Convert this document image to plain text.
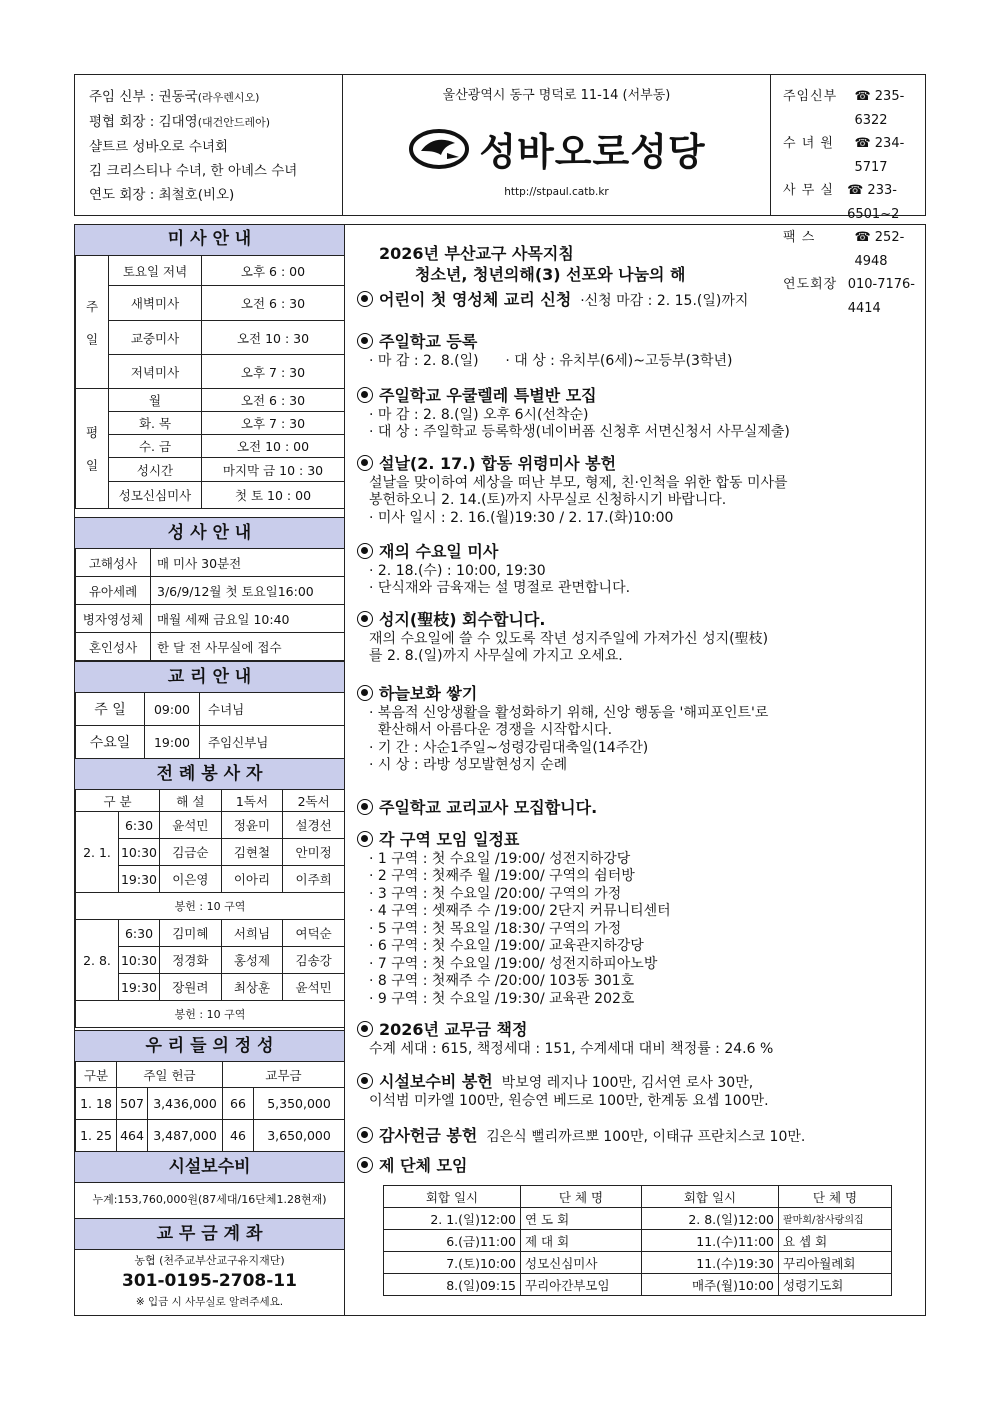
주임 신부 : 권동국(라우렌시오)
평협 회장 : 김대영(대건안드레아)
샬트르 성바오로 수녀회
김 크리스티나 수녀, 한 아녜스 수녀
연도 회장 : 최철호(비오)
울산광역시 동구 명덕로 11-14 (서부동)
성바오로성당
http://stpaul.catb.kr
주임신부	☎ 235-6322
수 녀 원	☎ 234-5717
사 무 실	☎ 233-6501~2
팩 스	☎ 252-4948
연도회장 010-7176-4414
미 사 안 내
주

일	토요일 저녁	오후 6 : 00
	새벽미사	오전 6 : 30
	교중미사	오전 10 : 30
	저녁미사	오후 7 : 30
평

일	월	오전 6 : 30
	화. 목	오후 7 : 30
	수. 금	오전 10 : 00
	성시간	마지막 금 10 : 30
	성모신심미사	첫 토 10 : 00
성 사 안 내
고해성사	매 미사 30분전
유아세례	3/6/9/12월 첫 토요일16:00
병자영성체	매월 세째 금요일 10:40
혼인성사	한 달 전 사무실에 접수
교 리 안 내
주 일	09:00	수녀님
수요일	19:00	주임신부님
전 례 봉 사 자
구 분		해 설	1독서	2독서
2. 1.	6:30	윤석민	정윤미	설경선
	10:30	김금순	김현철	안미정
	19:30	이은영	이아리	이주희
봉헌 : 10 구역				
2. 8.	6:30	김미혜	서희님	여덕순
	10:30	정경화	홍성제	김송강
	19:30	장원려	최상훈	윤석민
봉헌 : 10 구역				
우 리 들 의 정 성
구분	주일 헌금		교무금	
1. 18	507	3,436,000	66	5,350,000
1. 25	464	3,487,000	46	3,650,000
시설보수비
누계:153,760,000원(87세대/16단체1.28현재)
교 무 금 계 좌
농협 (천주교부산교구유지재단)
301-0195-2708-11
※ 입금 시 사무실로 알려주세요.
2026년 부산교구 사목지침
청소년, 청년의해(3) 선포와 나눔의 해
어린이 첫 영성체 교리 신청  ·신청 마감 : 2. 15.(일)까지
주일학교 등록
· 마 감 : 2. 8.(일)      · 대 상 : 유치부(6세)~고등부(3학년)
주일학교 우쿨렐레 특별반 모집
· 마 감 : 2. 8.(일) 오후 6시(선착순)
· 대 상 : 주일학교 등록학생(네이버폼 신청후 서면신청서 사무실제출)
설날(2. 17.) 합동 위령미사 봉헌
설날을 맞이하여 세상을 떠난 부모, 형제, 친·인척을 위한 합동 미사를
봉헌하오니 2. 14.(토)까지 사무실로 신청하시기 바랍니다.
· 미사 일시 : 2. 16.(월)19:30 / 2. 17.(화)10:00
재의 수요일 미사
· 2. 18.(수) : 10:00, 19:30
· 단식재와 금육재는 설 명절로 관면합니다.
성지(聖枝) 회수합니다.
재의 수요일에 쓸 수 있도록 작년 성지주일에 가져가신 성지(聖枝)
를 2. 8.(일)까지 사무실에 가지고 오세요.
하늘보화 쌓기
· 복음적 신앙생활을 활성화하기 위해, 신앙 행동을 '해피포인트'로
환산해서 아름다운 경쟁을 시작합시다.
· 기 간 : 사순1주일~성령강림대축일(14주간)
· 시 상 : 라방 성모발현성지 순례
주일학교 교리교사 모집합니다.
각 구역 모임 일정표
· 1 구역 : 첫 수요일 /19:00/ 성전지하강당
· 2 구역 : 첫째주 월 /19:00/ 구역의 쉼터방
· 3 구역 : 첫 수요일 /20:00/ 구역의 가정
· 4 구역 : 셋째주 수 /19:00/ 2단지 커뮤니티센터
· 5 구역 : 첫 목요일 /18:30/ 구역의 가정
· 6 구역 : 첫 수요일 /19:00/ 교육관지하강당
· 7 구역 : 첫 수요일 /19:00/ 성전지하피아노방
· 8 구역 : 첫째주 수 /20:00/ 103동 301호
· 9 구역 : 첫 수요일 /19:30/ 교육관 202호
2026년 교무금 책정
수계 세대 : 615, 책정세대 : 151, 수계세대 대비 책정률 : 24.6 %
시설보수비 봉헌  박보영 레지나 100만, 김서연 로사 30만,
이석범 미카엘 100만, 원승연 베드로 100만, 한계동 요셉 100만.
감사헌금 봉헌  김은식 뻘리까르뽀 100만, 이태규 프란치스코 10만.
제 단체 모임
회합 일시	단 체 명	회합 일시	단 체 명
2. 1.(일)12:00	연 도 회	2. 8.(일)12:00	팔마회/참사랑의집
6.(금)11:00	제 대 회	11.(수)11:00	요 셉 회
7.(토)10:00	성모신심미사	11.(수)19:30	꾸리아월례회
8.(일)09:15	꾸리아간부모임	매주(월)10:00	성령기도회
